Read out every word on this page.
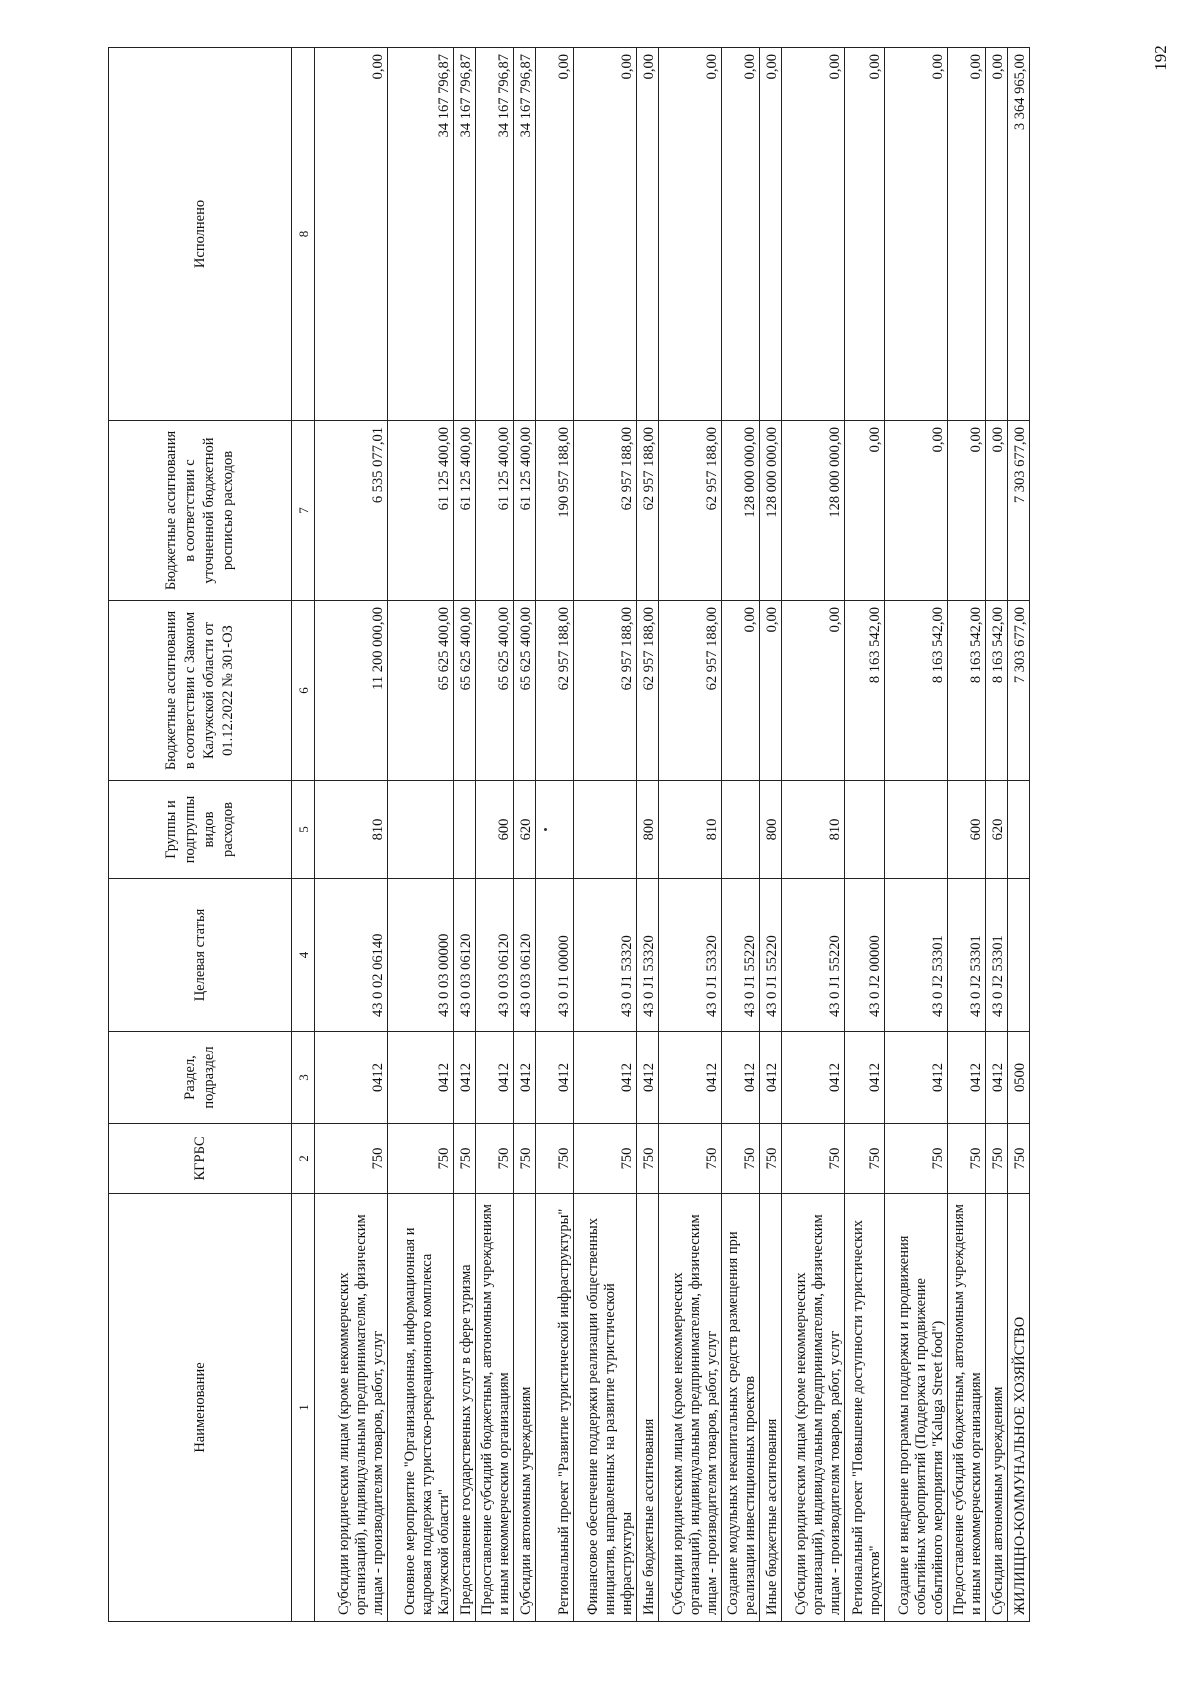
Наименование	КГРБС	Раздел, подраздел	Целевая статья	Группы и подгруппы видов расходов	Бюджетные ассигнования в соответствии с Законом Калужской области от 01.12.2022 № 301-ОЗ	Бюджетные ассигнования в соответствии с уточненной бюджетной росписью расходов	Исполнено
1	2	3	4	5	6	7	8
Субсидии юридическим лицам (кроме некоммерческих организаций), индивидуальным предпринимателям, физическим лицам - производителям товаров, работ, услуг	750	0412	43 0 02 06140	810	11 200 000,00	6 535 077,01	0,00
Основное мероприятие "Организационная, информационная и кадровая поддержка туристско-рекреационного комплекса Калужской области"	750	0412	43 0 03 00000		65 625 400,00	61 125 400,00	34 167 796,87
Предоставление государственных услуг в сфере туризма	750	0412	43 0 03 06120		65 625 400,00	61 125 400,00	34 167 796,87
Предоставление субсидий бюджетным, автономным учреждениям и иным некоммерческим организациям	750	0412	43 0 03 06120	600	65 625 400,00	61 125 400,00	34 167 796,87
Субсидии автономным учреждениям	750	0412	43 0 03 06120	620	65 625 400,00	61 125 400,00	34 167 796,87
Региональный проект "Развитие туристической инфраструктуры"	750	0412	43 0 J1 00000		62 957 188,00	190 957 188,00	0,00
Финансовое обеспечение поддержки реализации общественных инициатив, направленных на развитие туристической инфраструктуры	750	0412	43 0 J1 53320		62 957 188,00	62 957 188,00	0,00
Иные бюджетные ассигнования	750	0412	43 0 J1 53320	800	62 957 188,00	62 957 188,00	0,00
Субсидии юридическим лицам (кроме некоммерческих организаций), индивидуальным предпринимателям, физическим лицам - производителям товаров, работ, услуг	750	0412	43 0 J1 53320	810	62 957 188,00	62 957 188,00	0,00
Создание модульных некапитальных средств размещения при реализации инвестиционных проектов	750	0412	43 0 J1 55220		0,00	128 000 000,00	0,00
Иные бюджетные ассигнования	750	0412	43 0 J1 55220	800	0,00	128 000 000,00	0,00
Субсидии юридическим лицам (кроме некоммерческих организаций), индивидуальным предпринимателям, физическим лицам - производителям товаров, работ, услуг	750	0412	43 0 J1 55220	810	0,00	128 000 000,00	0,00
Региональный проект "Повышение доступности туристических продуктов"	750	0412	43 0 J2 00000		8 163 542,00	0,00	0,00
Создание и внедрение программы поддержки и продвижения событийных мероприятий (Поддержка и продвижение событийного мероприятия "Kaluga Street food")	750	0412	43 0 J2 53301		8 163 542,00	0,00	0,00
Предоставление субсидий бюджетным, автономным учреждениям и иным некоммерческим организациям	750	0412	43 0 J2 53301	600	8 163 542,00	0,00	0,00
Субсидии автономным учреждениям	750	0412	43 0 J2 53301	620	8 163 542,00	0,00	0,00
ЖИЛИЩНО-КОММУНАЛЬНОЕ ХОЗЯЙСТВО	750	0500			7 303 677,00	7 303 677,00	3 364 965,00	192
